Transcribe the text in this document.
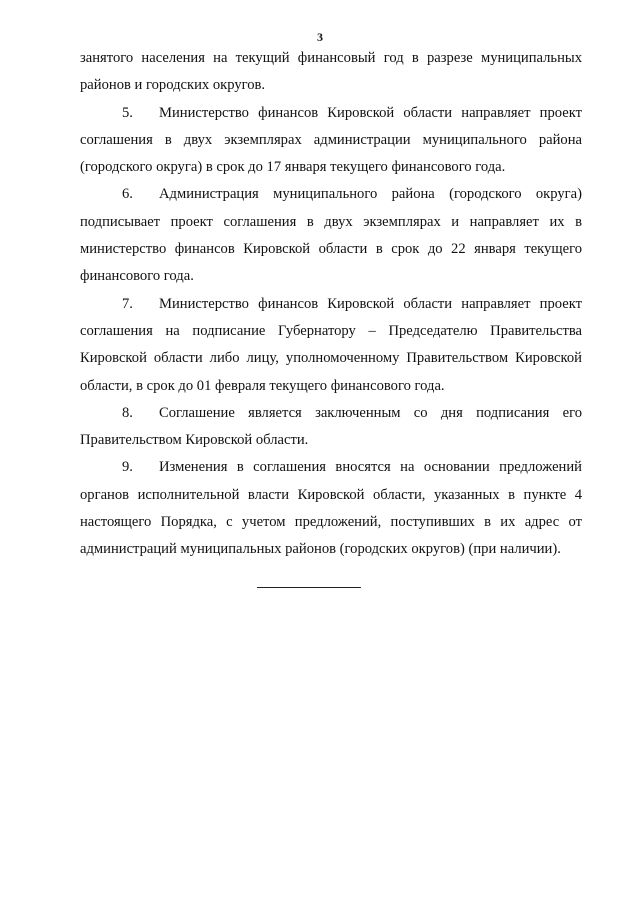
3

занятого населения на текущий финансовый год в разрезе муниципальных районов и городских округов.

5. Министерство финансов Кировской области направляет проект соглашения в двух экземплярах администрации муниципального района (городского округа) в срок до 17 января текущего финансового года.

6. Администрация муниципального района (городского округа) подписывает проект соглашения в двух экземплярах и направляет их в министерство финансов Кировской области в срок до 22 января текущего финансового года.

7. Министерство финансов Кировской области направляет проект соглашения на подписание Губернатору – Председателю Правительства Кировской области либо лицу, уполномоченному Правительством Кировской области, в срок до 01 февраля текущего финансового года.

8. Соглашение является заключенным со дня подписания его Правительством Кировской области.

9. Изменения в соглашения вносятся на основании предложений органов исполнительной власти Кировской области, указанных в пункте 4 настоящего Порядка, с учетом предложений, поступивших в их адрес от администраций муниципальных районов (городских округов) (при наличии).
